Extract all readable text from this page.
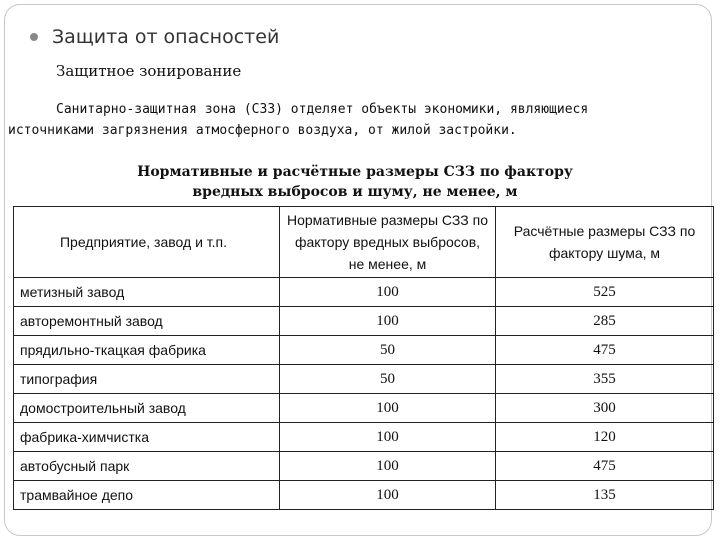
Защита от опасностей
Защитное зонирование
Санитарно-защитная зона (СЗЗ) отделяет объекты экономики, являющиеся
источниками загрязнения атмосферного воздуха, от жилой застройки.
Нормативные и расчётные размеры СЗЗ по фактору
вредных выбросов и шуму, не менее, м
Предприятие, завод и т.п.	Нормативные размеры СЗЗ по фактору вредных выбросов, не менее, м	Расчётные размеры СЗЗ по фактору шума, м
метизный завод	100	525
авторемонтный завод	100	285
прядильно-ткацкая фабрика	50	475
типография	50	355
домостроительный завод	100	300
фабрика-химчистка	100	120
автобусный парк	100	475
трамвайное депо	100	135
